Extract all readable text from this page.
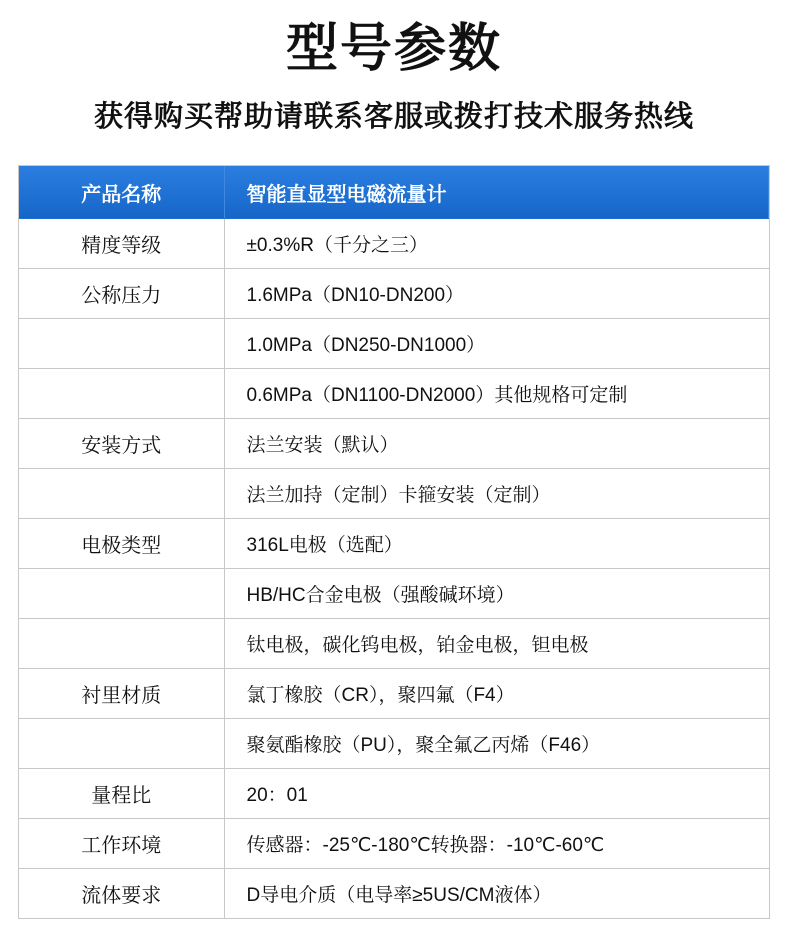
型号参数
获得购买帮助请联系客服或拨打技术服务热线
产品名称	智能直显型电磁流量计
精度等级	±0.3%R（千分之三）
公称压力	1.6MPa（DN10-DN200）
	1.0MPa（DN250-DN1000）
	0.6MPa（DN1100-DN2000）其他规格可定制
安装方式	法兰安装（默认）
	法兰加持（定制）卡箍安装（定制）
电极类型	316L电极（选配）
	HB/HC合金电极（强酸碱环境）
	钛电极，碳化钨电极，铂金电极，钽电极
衬里材质	氯丁橡胶（CR），聚四氟（F4）
	聚氨酯橡胶（PU），聚全氟乙丙烯（F46）
量程比	20：01
工作环境	传感器：-25℃-180℃转换器：-10℃-60℃
流体要求	D导电介质（电导率≥5US/CM液体）
